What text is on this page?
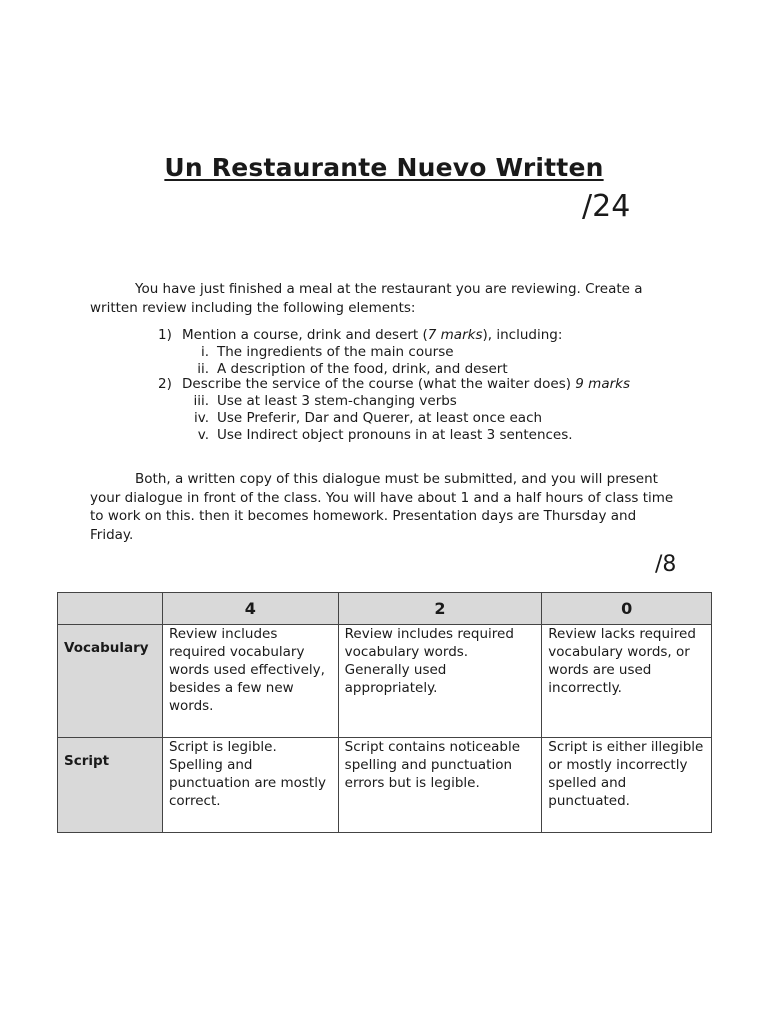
Un Restaurante Nuevo Written

/24

You have just finished a meal at the restaurant you are reviewing. Create a written review including the following elements:

1) Mention a course, drink and desert (7 marks), including:

i. The ingredients of the main course

ii. A description of the food, drink, and desert

2) Describe the service of the course (what the waiter does) 9 marks

iii. Use at least 3 stem-changing verbs

iv. Use Preferir, Dar and Querer, at least once each

v. Use Indirect object pronouns in at least 3 sentences.

Both, a written copy of this dialogue must be submitted, and you will present your dialogue in front of the class. You will have about 1 and a half hours of class time to work on this. then it becomes homework. Presentation days are Thursday and Friday.

/8

	4	2	0
Vocabulary	Review includes required vocabulary words used effectively, besides a few new words.	Review includes required vocabulary words. Generally used appropriately.	Review lacks required vocabulary words, or words are used incorrectly.
Script	Script is legible. Spelling and punctuation are mostly correct.	Script contains noticeable spelling and punctuation errors but is legible.	Script is either illegible or mostly incorrectly spelled and punctuated.
